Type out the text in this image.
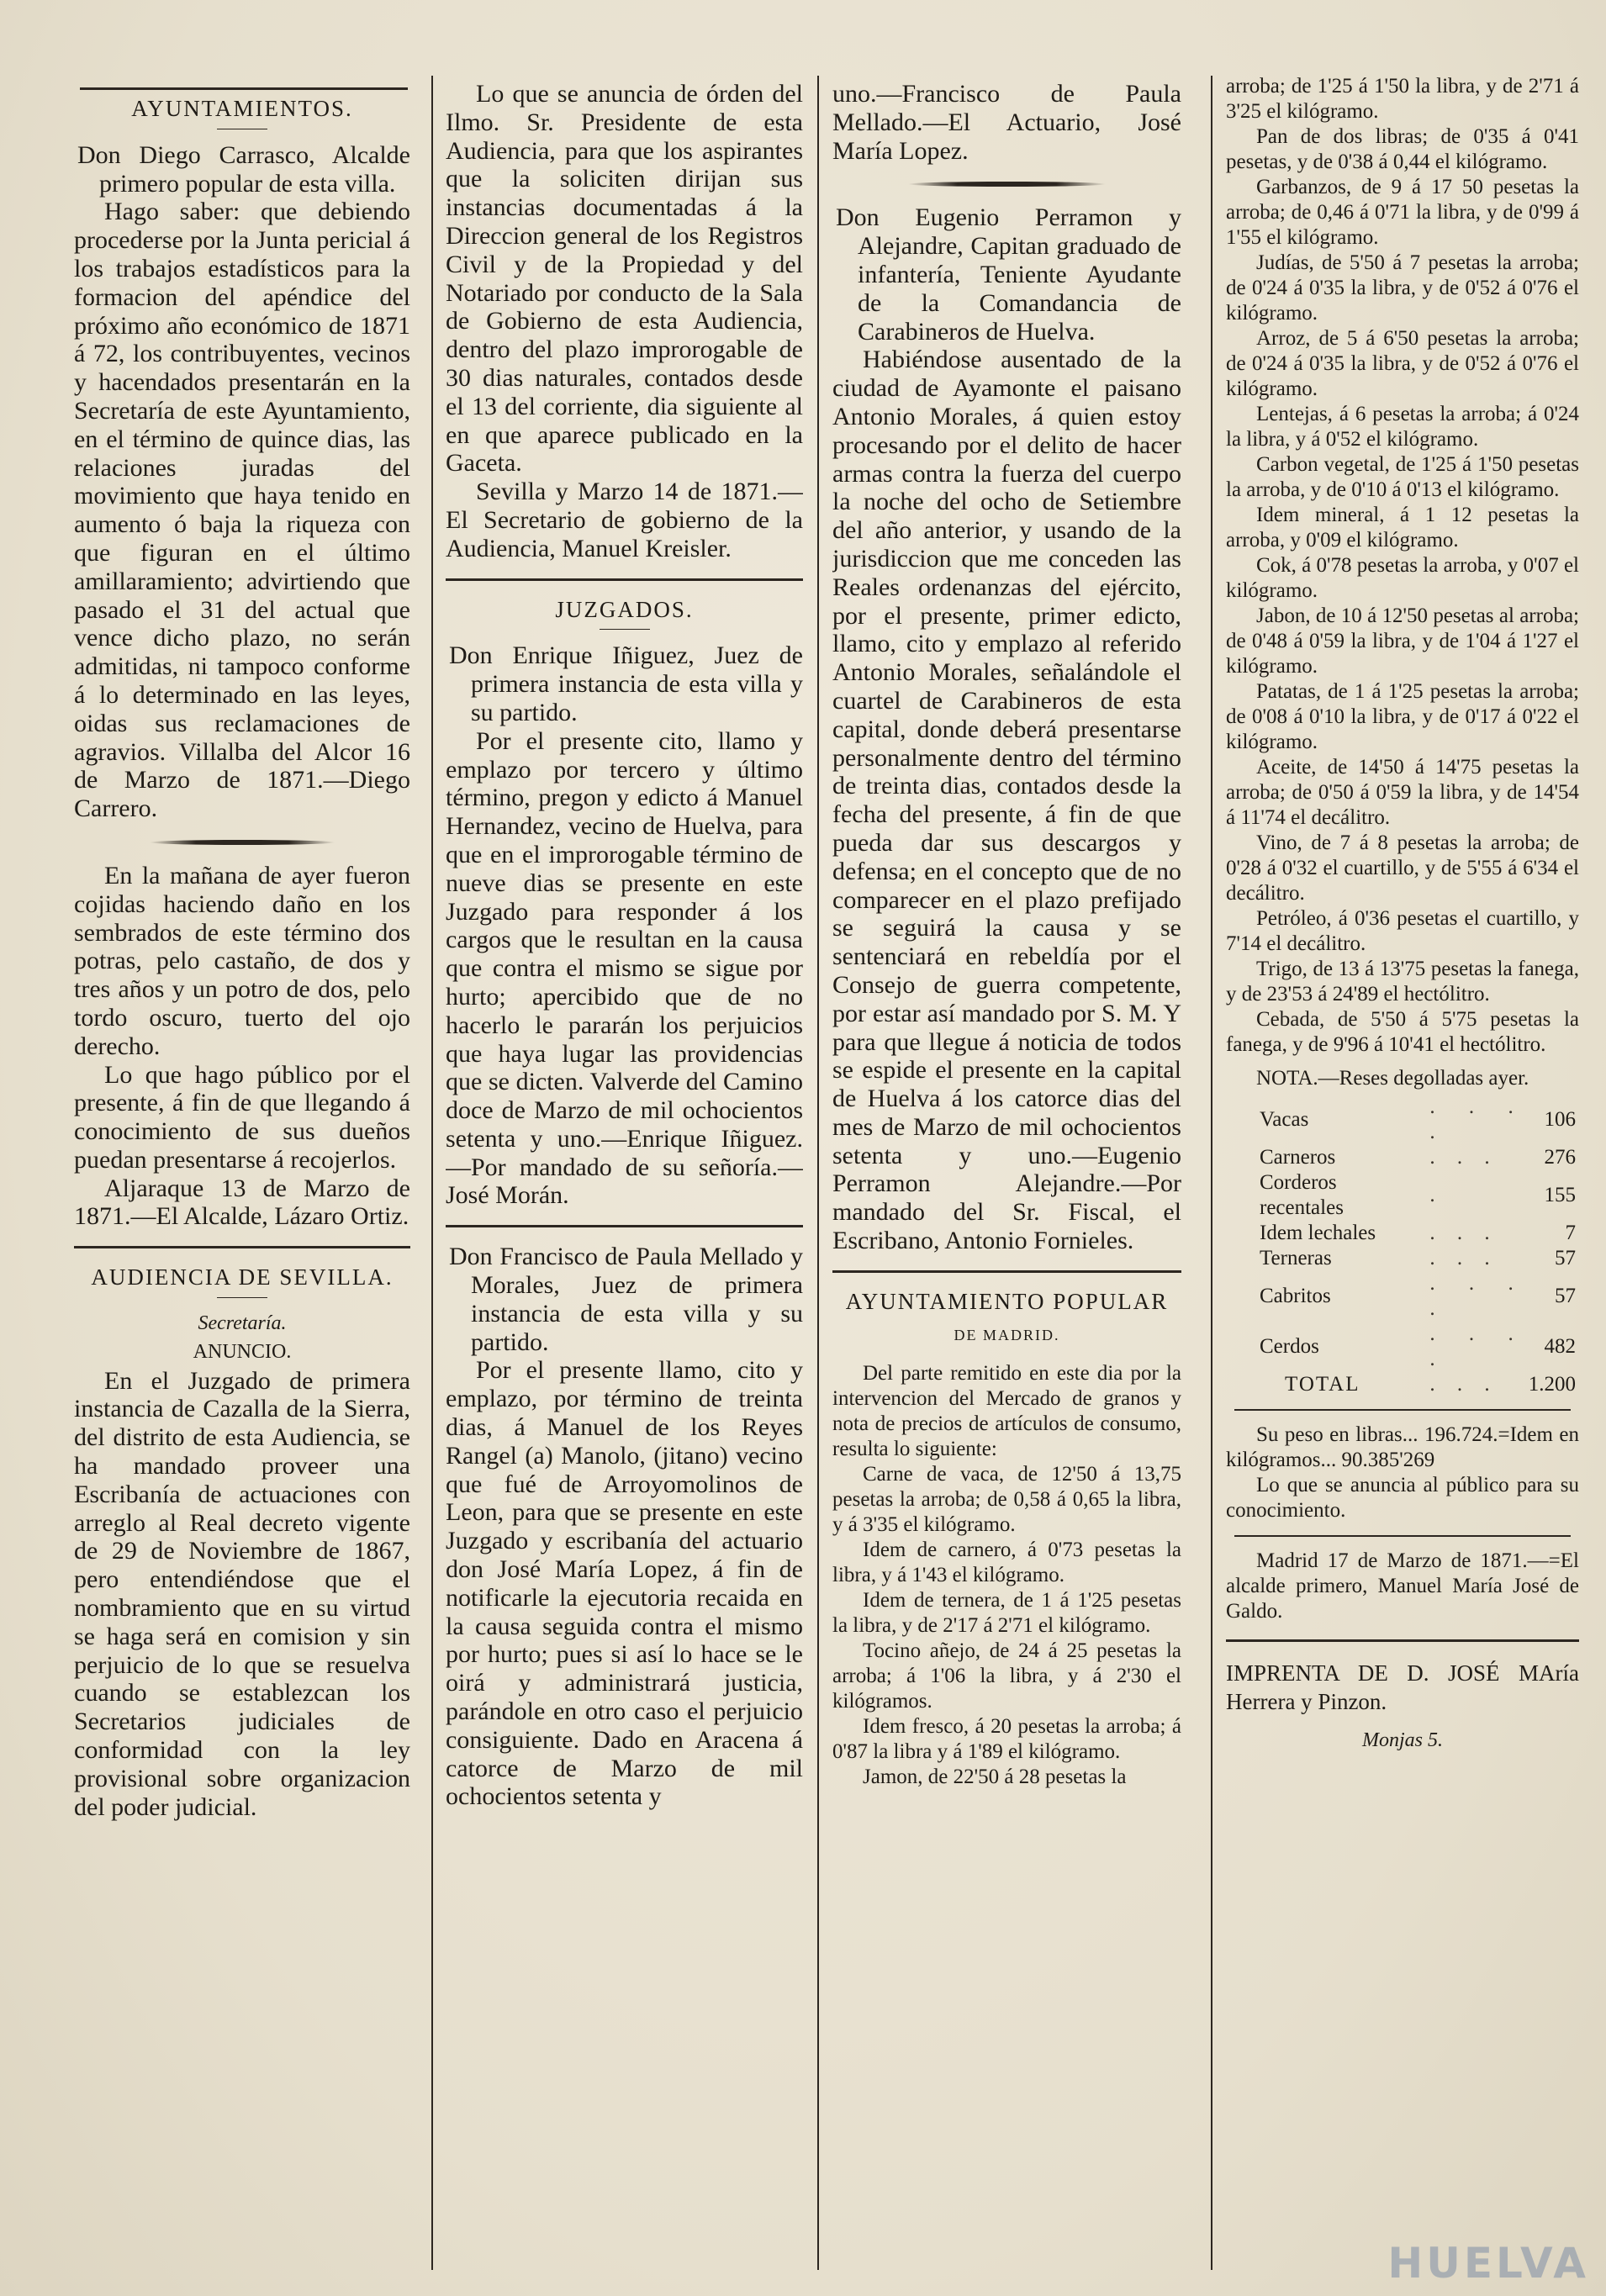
AYUNTAMIENTOS.

Don Diego Carrasco, Alcalde primero popular de esta villa.

Hago saber: que debiendo procederse por la Junta pericial á los trabajos estadísticos para la formacion del apéndice del próximo año económico de 1871 á 72, los contribuyentes, vecinos y hacendados presentarán en la Secretaría de este Ayuntamiento, en el término de quince dias, las relaciones juradas del movimiento que haya tenido en aumento ó baja la riqueza con que figuran en el último amillaramiento; advirtiendo que pasado el 31 del actual que vence dicho plazo, no serán admitidas, ni tampoco conforme á lo determinado en las leyes, oidas sus reclamaciones de agravios. Villalba del Alcor 16 de Marzo de 1871.—Diego Carrero.

En la mañana de ayer fueron cojidas haciendo daño en los sembrados de este término dos potras, pelo castaño, de dos y tres años y un potro de dos, pelo tordo oscuro, tuerto del ojo derecho.

Lo que hago público por el presente, á fin de que llegando á conocimiento de sus dueños puedan presentarse á recojerlos.

Aljaraque 13 de Marzo de 1871.—El Alcalde, Lázaro Ortiz.

AUDIENCIA DE SEVILLA.
Secretaría.
ANUNCIO.

En el Juzgado de primera instancia de Cazalla de la Sierra, del distrito de esta Audiencia, se ha mandado proveer una Escribanía de actuaciones con arreglo al Real decreto vigente de 29 de Noviembre de 1867, pero entendiéndose que el nombramiento que en su virtud se haga será en comision y sin perjuicio de lo que se resuelva cuando se establezcan los Secretarios judiciales de conformidad con la ley provisional sobre organizacion del poder judicial.

Lo que se anuncia de órden del Ilmo. Sr. Presidente de esta Audiencia, para que los aspirantes que la soliciten dirijan sus instancias documentadas á la Direccion general de los Registros Civil y de la Propiedad y del Notariado por conducto de la Sala de Gobierno de esta Audiencia, dentro del plazo improrogable de 30 dias naturales, contados desde el 13 del corriente, dia siguiente al en que aparece publicado en la Gaceta.

Sevilla y Marzo 14 de 1871.—El Secretario de gobierno de la Audiencia, Manuel Kreisler.

JUZGADOS.

Don Enrique Iñiguez, Juez de primera instancia de esta villa y su partido.

Por el presente cito, llamo y emplazo por tercero y último término, pregon y edicto á Manuel Hernandez, vecino de Huelva, para que en el improrogable término de nueve dias se presente en este Juzgado para responder á los cargos que le resultan en la causa que contra el mismo se sigue por hurto; apercibido que de no hacerlo le pararán los perjuicios que haya lugar las providencias que se dicten. Valverde del Camino doce de Marzo de mil ochocientos setenta y uno.—Enrique Iñiguez.—Por mandado de su señoría.—José Morán.

Don Francisco de Paula Mellado y Morales, Juez de primera instancia de esta villa y su partido.

Por el presente llamo, cito y emplazo, por término de treinta dias, á Manuel de los Reyes Rangel (a) Manolo, (jitano) vecino que fué de Arroyomolinos de Leon, para que se presente en este Juzgado y escribanía del actuario don José María Lopez, á fin de notificarle la ejecutoria recaida en la causa seguida contra el mismo por hurto; pues si así lo hace se le oirá y administrará justicia, parándole en otro caso el perjuicio consiguiente. Dado en Aracena á catorce de Marzo de mil ochocientos setenta y

uno.—Francisco de Paula Mellado.—El Actuario, José María Lopez.

Don Eugenio Perramon y Alejandre, Capitan graduado de infantería, Teniente Ayudante de la Comandancia de Carabineros de Huelva.

Habiéndose ausentado de la ciudad de Ayamonte el paisano Antonio Morales, á quien estoy procesando por el delito de hacer armas contra la fuerza del cuerpo la noche del ocho de Setiembre del año anterior, y usando de la jurisdiccion que me conceden las Reales ordenanzas del ejército, por el presente, primer edicto, llamo, cito y emplazo al referido Antonio Morales, señalándole el cuartel de Carabineros de esta capital, donde deberá presentarse personalmente dentro del término de treinta dias, contados desde la fecha del presente, á fin de que pueda dar sus descargos y defensa; en el concepto que de no comparecer en el plazo prefijado se seguirá la causa y se sentenciará en rebeldía por el Consejo de guerra competente, por estar así mandado por S. M. Y para que llegue á noticia de todos se espide el presente en la capital de Huelva á los catorce dias del mes de Marzo de mil ochocientos setenta y uno.—Eugenio Perramon Alejandre.—Por mandado del Sr. Fiscal, el Escribano, Antonio Fornieles.

AYUNTAMIENTO POPULAR
DE MADRID.

Del parte remitido en este dia por la intervencion del Mercado de granos y nota de precios de artículos de consumo, resulta lo siguiente:

Carne de vaca, de 12'50 á 13,75 pesetas la arroba; de 0,58 á 0,65 la libra, y á 3'35 el kilógramo.

Idem de carnero, á 0'73 pesetas la libra, y á 1'43 el kilógramo.

Idem de ternera, de 1 á 1'25 pesetas la libra, y de 2'17 á 2'71 el kilógramo.

Tocino añejo, de 24 á 25 pesetas la arroba; á 1'06 la libra, y á 2'30 el kilógramos.

Idem fresco, á 20 pesetas la arroba; á 0'87 la libra y á 1'89 el kilógramo.

Jamon, de 22'50 á 28 pesetas la

arroba; de 1'25 á 1'50 la libra, y de 2'71 á 3'25 el kilógramo.

Pan de dos libras; de 0'35 á 0'41 pesetas, y de 0'38 á 0,44 el kilógramo.

Garbanzos, de 9 á 17 50 pesetas la arroba; de 0,46 á 0'71 la libra, y de 0'99 á 1'55 el kilógramo.

Judías, de 5'50 á 7 pesetas la arroba; de 0'24 á 0'35 la libra, y de 0'52 á 0'76 el kilógramo.

Arroz, de 5 á 6'50 pesetas la arroba; de 0'24 á 0'35 la libra, y de 0'52 á 0'76 el kilógramo.

Lentejas, á 6 pesetas la arroba; á 0'24 la libra, y á 0'52 el kilógramo.

Carbon vegetal, de 1'25 á 1'50 pesetas la arroba, y de 0'10 á 0'13 el kilógramo.

Idem mineral, á 1 12 pesetas la arroba, y 0'09 el kilógramo.

Cok, á 0'78 pesetas la arroba, y 0'07 el kilógramo.

Jabon, de 10 á 12'50 pesetas al arroba; de 0'48 á 0'59 la libra, y de 1'04 á 1'27 el kilógramo.

Patatas, de 1 á 1'25 pesetas la arroba; de 0'08 á 0'10 la libra, y de 0'17 á 0'22 el kilógramo.

Aceite, de 14'50 á 14'75 pesetas la arroba; de 0'50 á 0'59 la libra, y de 14'54 á 11'74 el decálitro.

Vino, de 7 á 8 pesetas la arroba; de 0'28 á 0'32 el cuartillo, y de 5'55 á 6'34 el decálitro.

Petróleo, á 0'36 pesetas el cuartillo, y 7'14 el decálitro.

Trigo, de 13 á 13'75 pesetas la fanega, y de 23'53 á 24'89 el hectólitro.

Cebada, de 5'50 á 5'75 pesetas la fanega, y de 9'96 á 10'41 el hectólitro.

NOTA.—Reses degolladas ayer.

Vacas	. . . .	106
Carneros	. . .	276
Corderos recentales	.	155
Idem lechales	. . .	7
Terneras	. . .	57
Cabritos	. . . .	57
Cerdos	. . . .	482
TOTAL	. . .	1.200

Su peso en libras... 196.724.=Idem en kilógramos... 90.385'269

Lo que se anuncia al público para su conocimiento.

Madrid 17 de Marzo de 1871.—=El alcalde primero, Manuel María José de Galdo.

IMPRENTA DE D. JOSÉ MAría Herrera y Pinzon.

Monjas 5.
HUELVA
